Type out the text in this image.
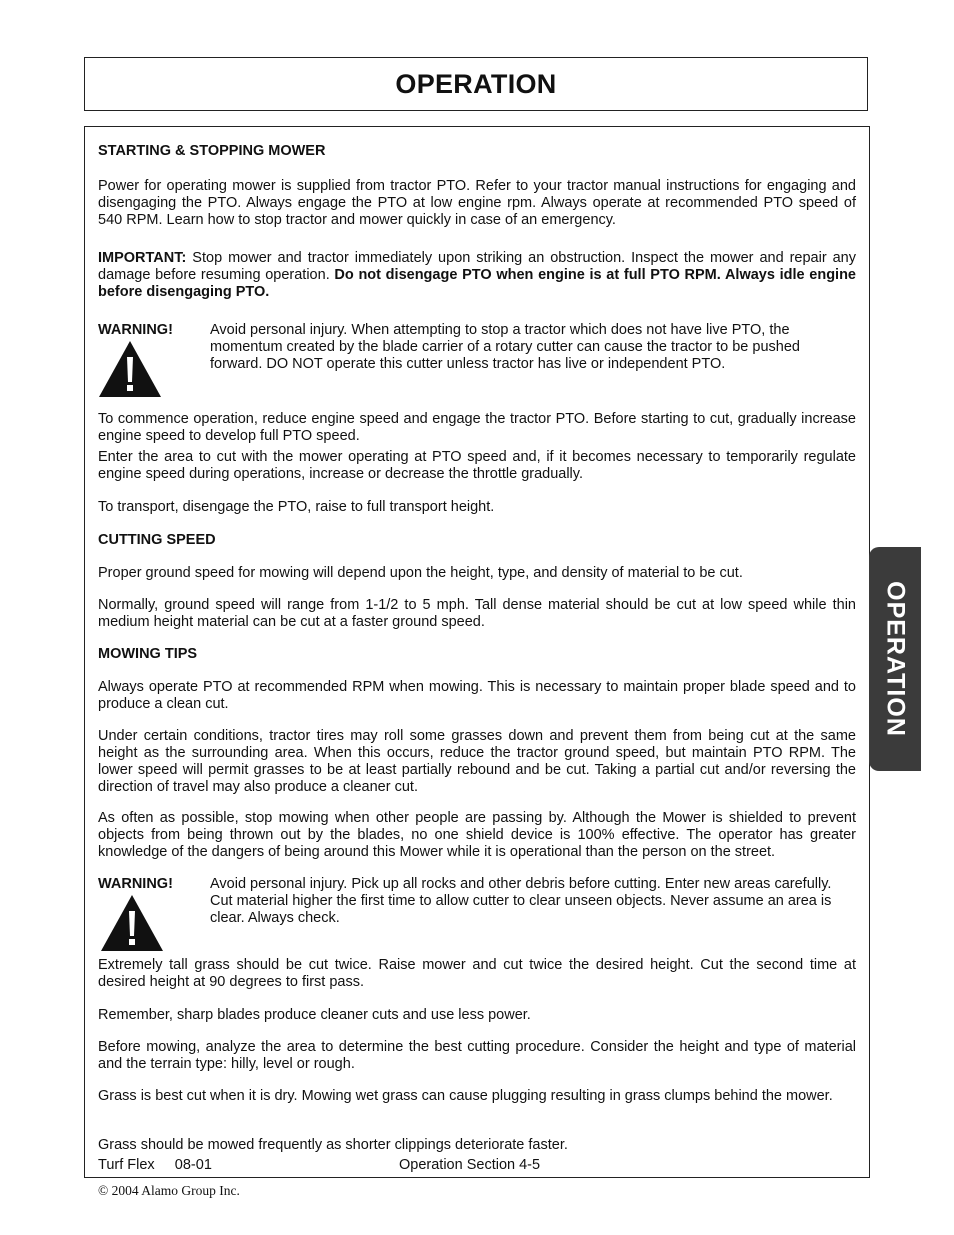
OPERATION
OPERATION

STARTING & STOPPING MOWER

Power for operating mower is supplied from tractor PTO. Refer to your tractor manual instructions for engaging and disengaging the PTO. Always engage the PTO at low engine rpm. Always operate at recommended PTO speed of 540 RPM. Learn how to stop tractor and mower quickly in case of an emergency.

IMPORTANT: Stop mower and tractor immediately upon striking an obstruction. Inspect the mower and repair any damage before resuming operation. Do not disengage PTO when engine is at full PTO RPM. Always idle engine before disengaging PTO.

WARNING!	Avoid personal injury. When attempting to stop a tractor which does not have live PTO, the momentum created by the blade carrier of a rotary cutter can cause the tractor to be pushed forward. DO NOT operate this cutter unless tractor has live or independent PTO.

To commence operation, reduce engine speed and engage the tractor PTO. Before starting to cut, gradually increase engine speed to develop full PTO speed.

Enter the area to cut with the mower operating at PTO speed and, if it becomes necessary to temporarily regulate engine speed during operations, increase or decrease the throttle gradually.

To transport, disengage the PTO, raise to full transport height.

CUTTING SPEED

Proper ground speed for mowing will depend upon the height, type, and density of material to be cut.

Normally, ground speed will range from 1-1/2 to 5 mph. Tall dense material should be cut at low speed while thin medium height material can be cut at a faster ground speed.

MOWING TIPS

Always operate PTO at recommended RPM when mowing. This is necessary to maintain proper blade speed and to produce a clean cut.

Under certain conditions, tractor tires may roll some grasses down and prevent them from being cut at the same height as the surrounding area. When this occurs, reduce the tractor ground speed, but maintain PTO RPM. The lower speed will permit grasses to be at least partially rebound and be cut. Taking a partial cut and/or reversing the direction of travel may also produce a cleaner cut.

As often as possible, stop mowing when other people are passing by. Although the Mower is shielded to prevent objects from being thrown out by the blades, no one shield device is 100% effective. The operator has greater knowledge of the dangers of being around this Mower while it is operational than the person on the street.

WARNING!	Avoid personal injury. Pick up all rocks and other debris before cutting. Enter new areas carefully. Cut material higher the first time to allow cutter to clear unseen objects. Never assume an area is clear. Always check.

Extremely tall grass should be cut twice. Raise mower and cut twice the desired height. Cut the second time at desired height at 90 degrees to first pass.

Remember, sharp blades produce cleaner cuts and use less power.

Before mowing, analyze the area to determine the best cutting procedure. Consider the height and type of material and the terrain type: hilly, level or rough.

Grass is best cut when it is dry. Mowing wet grass can cause plugging resulting in grass clumps behind the mower.

Grass should be mowed frequently as shorter clippings deteriorate faster.

Turf Flex     08-01	Operation Section 4-5
© 2004 Alamo Group Inc.
